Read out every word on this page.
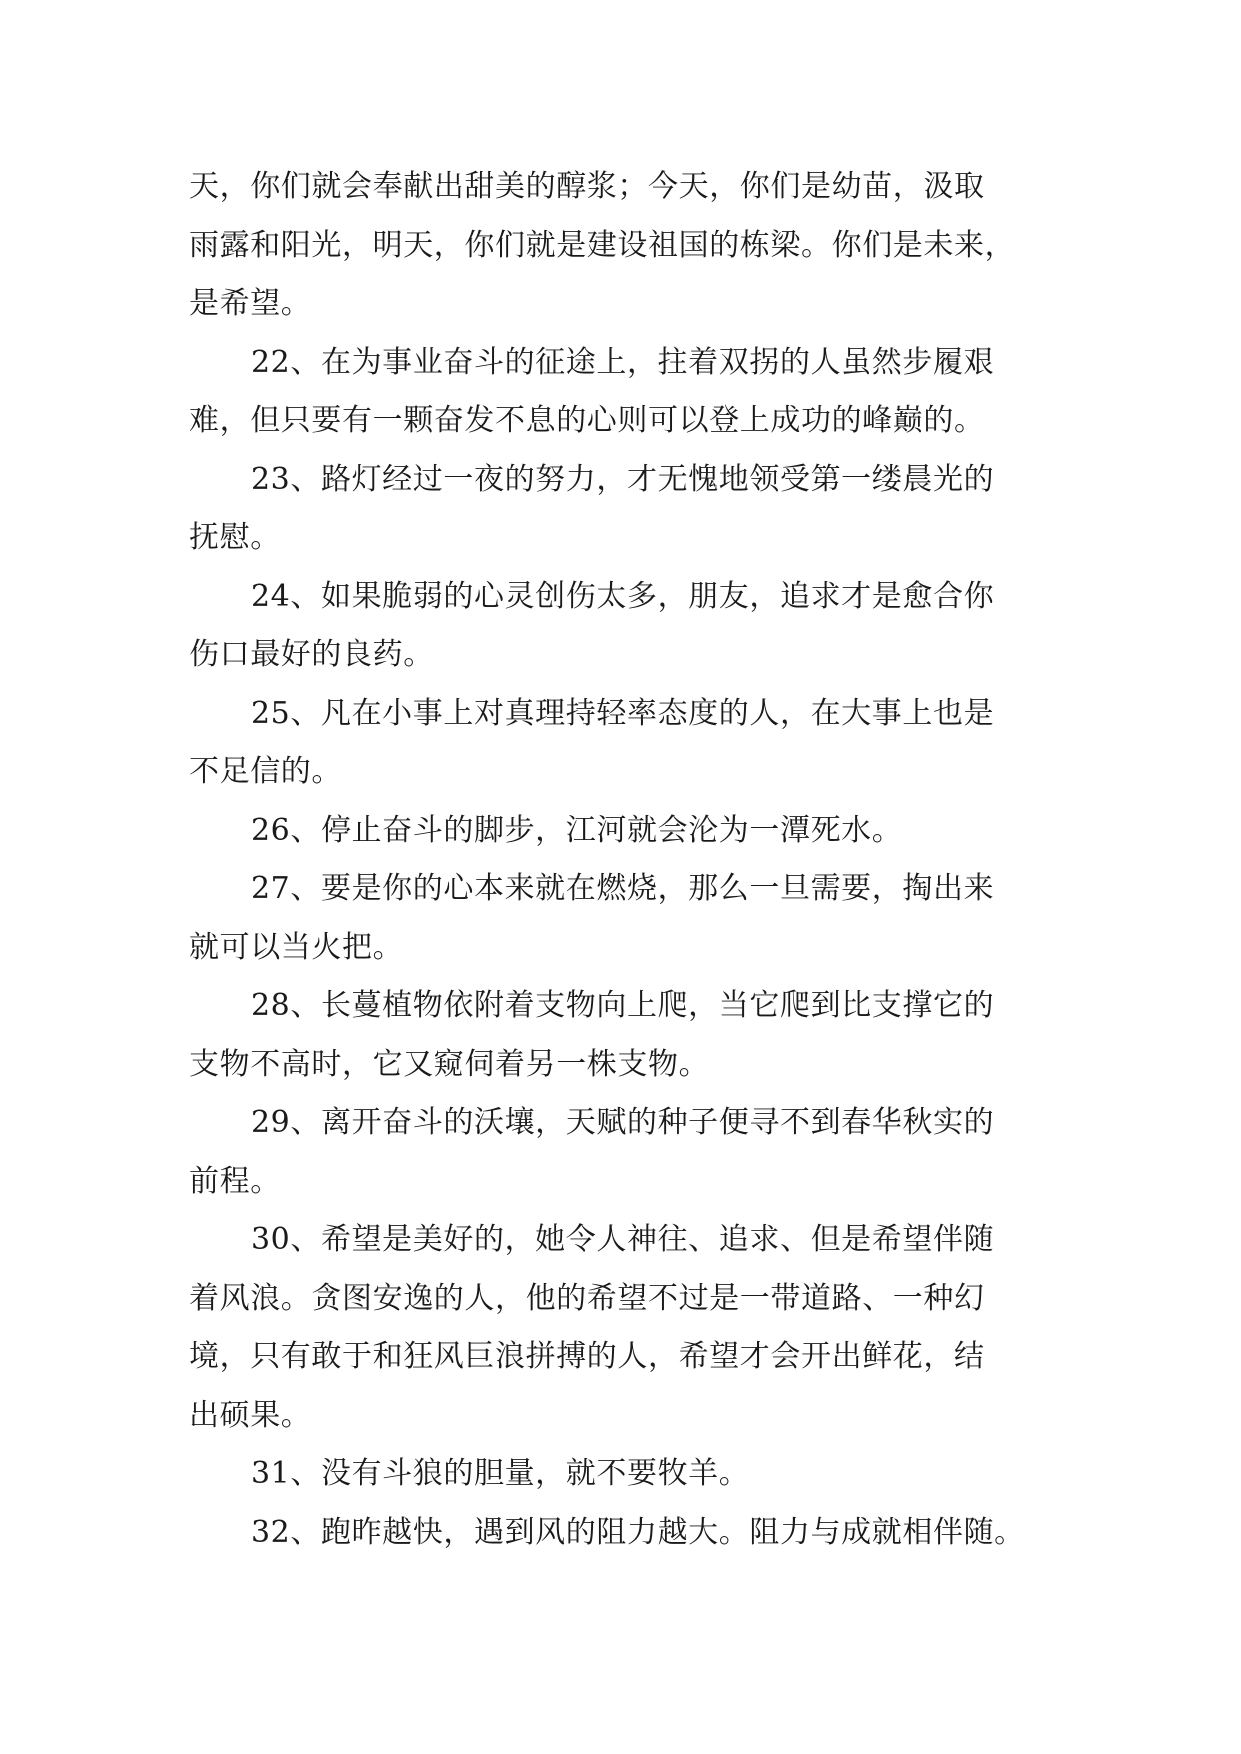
天，你们就会奉献出甜美的醇浆；今天，你们是幼苗，汲取
雨露和阳光，明天，你们就是建设祖国的栋梁。你们是未来，
是希望。
22、在为事业奋斗的征途上，拄着双拐的人虽然步履艰
难，但只要有一颗奋发不息的心则可以登上成功的峰巅的。
23、路灯经过一夜的努力，才无愧地领受第一缕晨光的
抚慰。
24、如果脆弱的心灵创伤太多，朋友，追求才是愈合你
伤口最好的良药。
25、凡在小事上对真理持轻率态度的人，在大事上也是
不足信的。
26、停止奋斗的脚步，江河就会沦为一潭死水。
27、要是你的心本来就在燃烧，那么一旦需要，掏出来
就可以当火把。
28、长蔓植物依附着支物向上爬，当它爬到比支撑它的
支物不高时，它又窥伺着另一株支物。
29、离开奋斗的沃壤，天赋的种子便寻不到春华秋实的
前程。
30、希望是美好的，她令人神往、追求、但是希望伴随
着风浪。贪图安逸的人，他的希望不过是一带道路、一种幻
境，只有敢于和狂风巨浪拼搏的人，希望才会开出鲜花，结
出硕果。
31、没有斗狼的胆量，就不要牧羊。
32、跑昨越快，遇到风的阻力越大。阻力与成就相伴随。
